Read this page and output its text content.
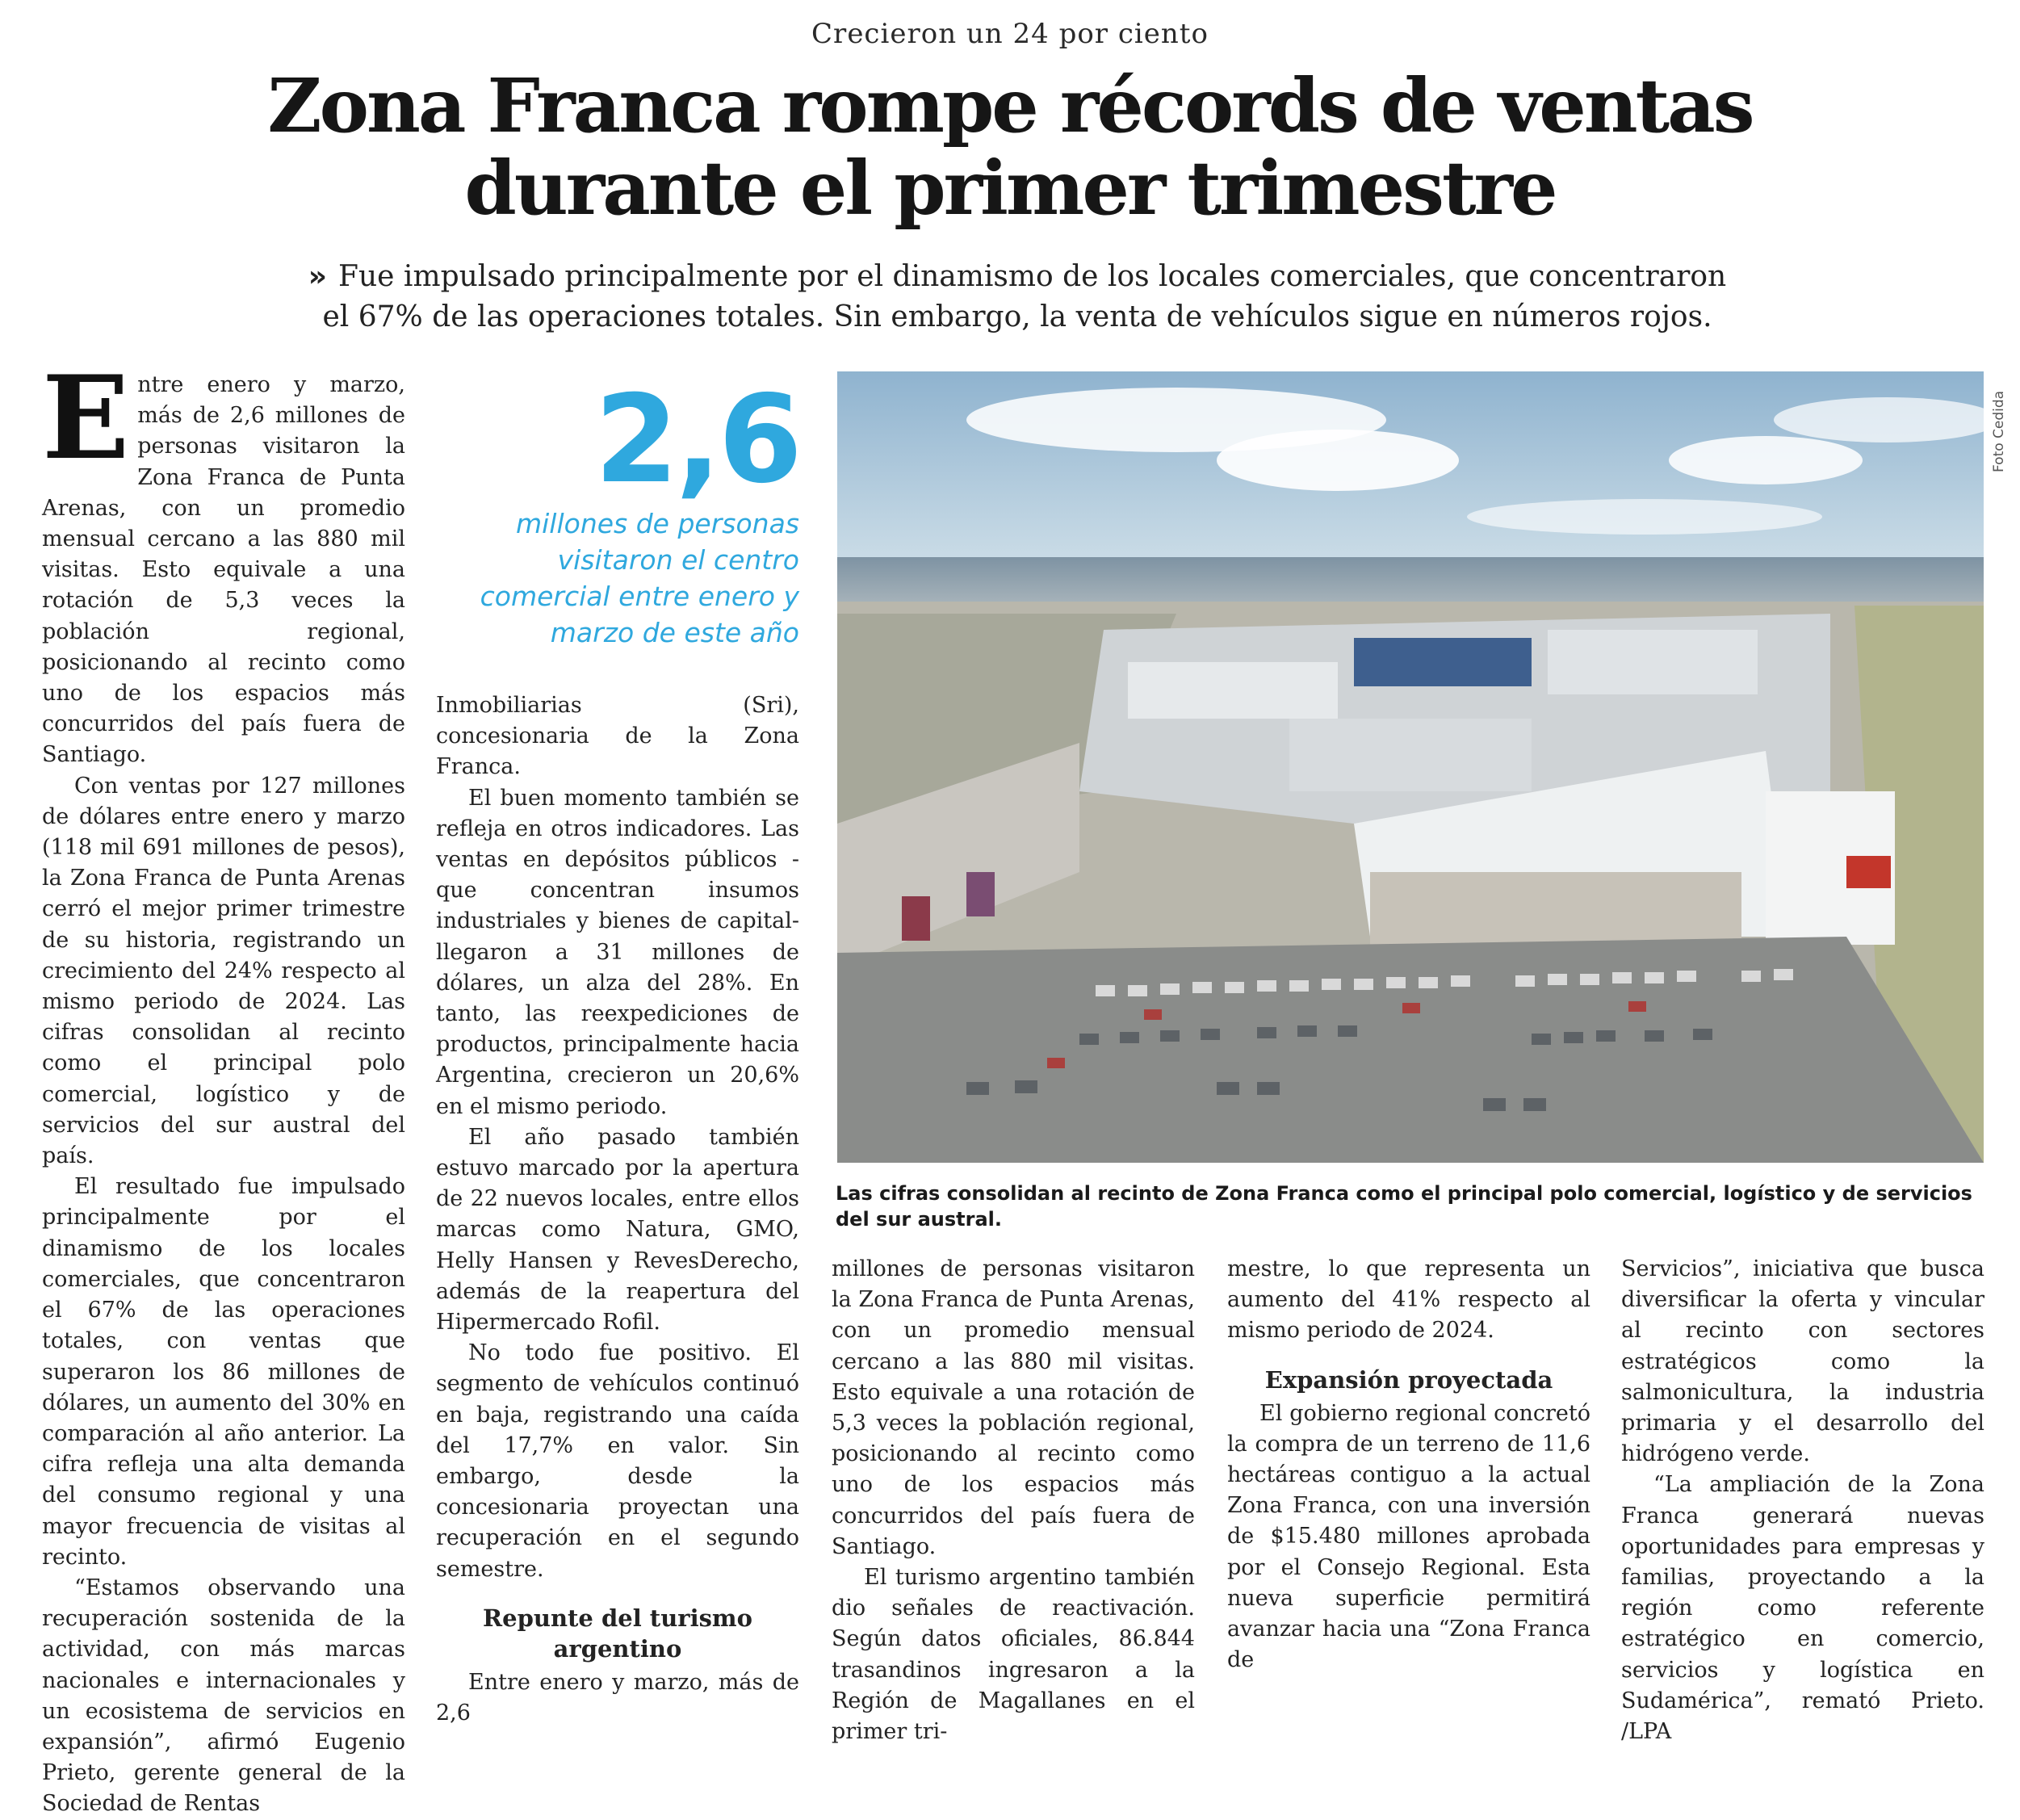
Crecieron un 24 por ciento
Zona Franca rompe récords de ventas
durante el primer trimestre
» Fue impulsado principalmente por el dinamismo de los locales comerciales, que concentraron el 67% de las operaciones totales. Sin embargo, la venta de vehículos sigue en números rojos.

Entre enero y marzo, más de 2,6 millones de personas visitaron la Zona Franca de Punta Arenas, con un promedio mensual cercano a las 880 mil visitas. Esto equivale a una rotación de 5,3 veces la población regional, posicionando al recinto como uno de los espacios más concurridos del país fuera de Santiago.

Con ventas por 127 millones de dólares entre enero y marzo (118 mil 691 millones de pesos), la Zona Franca de Punta Arenas cerró el mejor primer trimestre de su historia, registrando un crecimiento del 24% respecto al mismo periodo de 2024. Las cifras consolidan al recinto como el principal polo comercial, logístico y de servicios del sur austral del país.

El resultado fue impulsado principalmente por el dinamismo de los locales comerciales, que concentraron el 67% de las operaciones totales, con ventas que superaron los 86 millones de dólares, un aumento del 30% en comparación al año anterior. La cifra refleja una alta demanda del consumo regional y una mayor frecuencia de visitas al recinto.

“Estamos observando una recuperación sostenida de la actividad, con más marcas nacionales e internacionales y un ecosistema de servicios en expansión”, afirmó Eugenio Prieto, gerente general de la Sociedad de Rentas

2,6
millones de personas visitaron el centro comercial entre enero y marzo de este año

Inmobiliarias (Sri), concesionaria de la Zona Franca.

El buen momento también se refleja en otros indicadores. Las ventas en depósitos públicos -que concentran insumos industriales y bienes de capital- llegaron a 31 millones de dólares, un alza del 28%. En tanto, las reexpediciones de productos, principalmente hacia Argentina, crecieron un 20,6% en el mismo periodo.

El año pasado también estuvo marcado por la apertura de 22 nuevos locales, entre ellos marcas como Natura, GMO, Helly Hansen y RevesDerecho, además de la reapertura del Hipermercado Rofil.

No todo fue positivo. El segmento de vehículos continuó en baja, registrando una caída del 17,7% en valor. Sin embargo, desde la concesionaria proyectan una recuperación en el segundo semestre.

Repunte del turismo argentino

Entre enero y marzo, más de 2,6

Foto Cedida
Las cifras consolidan al recinto de Zona Franca como el principal polo comercial, logístico y de servicios del sur austral.

millones de personas visitaron la Zona Franca de Punta Arenas, con un promedio mensual cercano a las 880 mil visitas. Esto equivale a una rotación de 5,3 veces la población regional, posicionando al recinto como uno de los espacios más concurridos del país fuera de Santiago.

El turismo argentino también dio señales de reactivación. Según datos oficiales, 86.844 trasandinos ingresaron a la Región de Magallanes en el primer tri-

mestre, lo que representa un aumento del 41% respecto al mismo periodo de 2024.

Expansión proyectada

El gobierno regional concretó la compra de un terreno de 11,6 hectáreas contiguo a la actual Zona Franca, con una inversión de $15.480 millones aprobada por el Consejo Regional. Esta nueva superficie permitirá avanzar hacia una “Zona Franca de

Servicios”, iniciativa que busca diversificar la oferta y vincular al recinto con sectores estratégicos como la salmonicultura, la industria primaria y el desarrollo del hidrógeno verde.

“La ampliación de la Zona Franca generará nuevas oportunidades para empresas y familias, proyectando a la región como referente estratégico en comercio, servicios y logística en Sudamérica”, remató Prieto. /LPA
